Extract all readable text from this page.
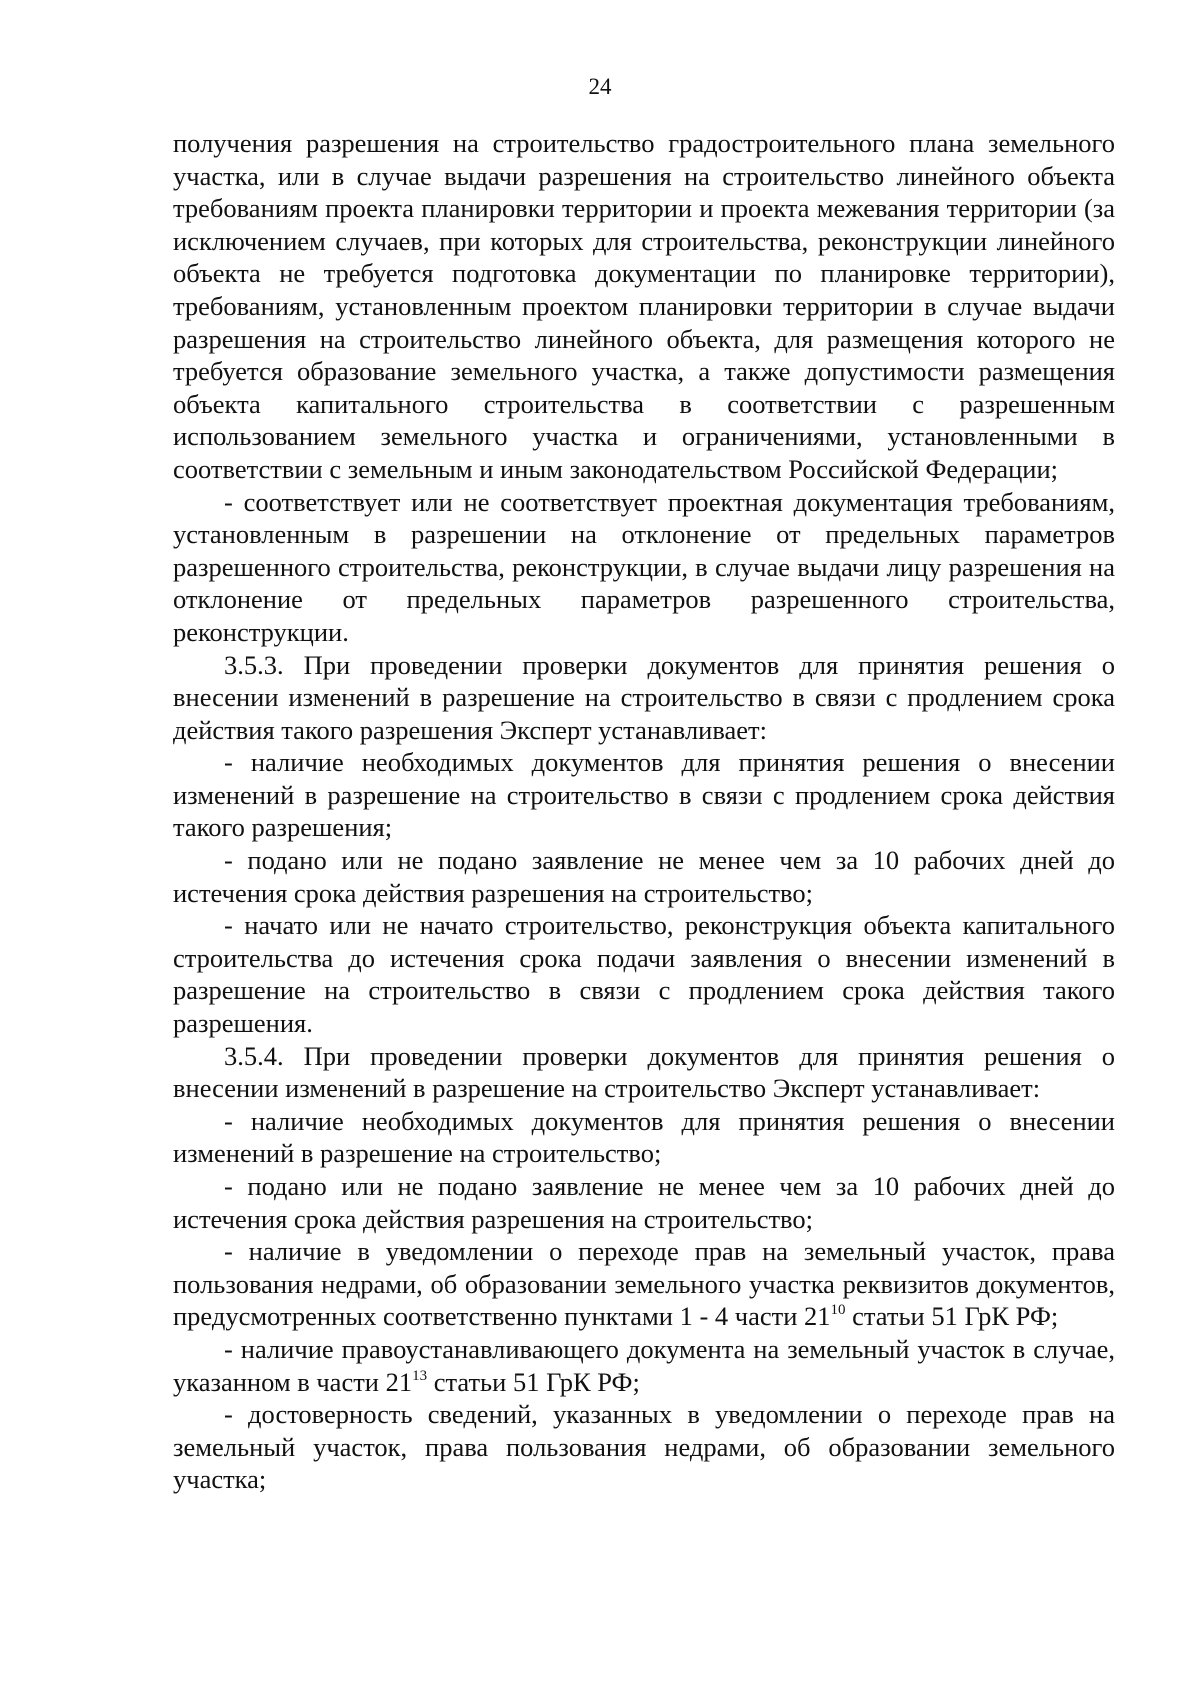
24

получения разрешения на строительство градостроительного плана земельного участка, или в случае выдачи разрешения на строительство линейного объекта требованиям проекта планировки территории и проекта межевания территории (за исключением случаев, при которых для строительства, реконструкции линейного объекта не требуется подготовка документации по планировке территории), требованиям, установленным проектом планировки территории в случае выдачи разрешения на строительство линейного объекта, для размещения которого не требуется образование земельного участка, а также допустимости размещения объекта капитального строительства в соответствии с разрешенным использованием земельного участка и ограничениями, установленными в соответствии с земельным и иным законодательством Российской Федерации;

- соответствует или не соответствует проектная документация требованиям, установленным в разрешении на отклонение от предельных параметров разрешенного строительства, реконструкции, в случае выдачи лицу разрешения на отклонение от предельных параметров разрешенного строительства, реконструкции.

3.5.3. При проведении проверки документов для принятия решения о внесении изменений в разрешение на строительство в связи с продлением срока действия такого разрешения Эксперт устанавливает:

- наличие необходимых документов для принятия решения о внесении изменений в разрешение на строительство в связи с продлением срока действия такого разрешения;

- подано или не подано заявление не менее чем за 10 рабочих дней до истечения срока действия разрешения на строительство;

- начато или не начато строительство, реконструкция объекта капитального строительства до истечения срока подачи заявления о внесении изменений в разрешение на строительство в связи с продлением срока действия такого разрешения.

3.5.4. При проведении проверки документов для принятия решения о внесении изменений в разрешение на строительство Эксперт устанавливает:

- наличие необходимых документов для принятия решения о внесении изменений в разрешение на строительство;

- подано или не подано заявление не менее чем за 10 рабочих дней до истечения срока действия разрешения на строительство;

- наличие в уведомлении о переходе прав на земельный участок, права пользования недрами, об образовании земельного участка реквизитов документов, предусмотренных соответственно пунктами 1 - 4 части $21^{10}$ статьи 51 ГрК РФ;

- наличие правоустанавливающего документа на земельный участок в случае, указанном в части $21^{13}$ статьи 51 ГрК РФ;

- достоверность сведений, указанных в уведомлении о переходе прав на земельный участок, права пользования недрами, об образовании земельного участка;
